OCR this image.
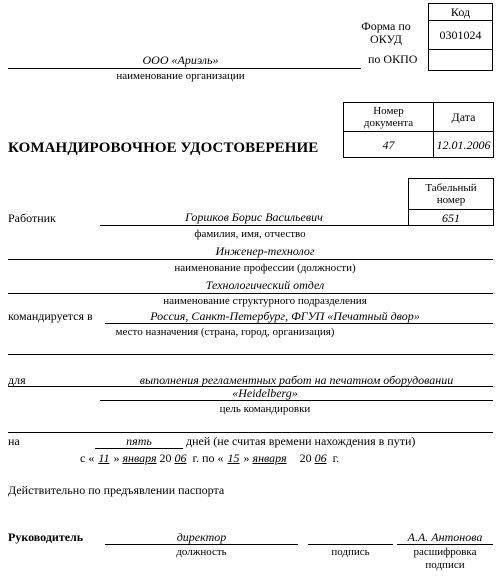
Форма по ОКУД
по ОКПО
Код
0301024

ООО «Ариэль»
наименование организации
Номер документа	Дата
47	12.01.2006
КОМАНДИРОВОЧНОЕ УДОСТОВЕРЕНИЕ
Табельный номер
651
Работник	Горшков Борис Васильевич
фамилия, имя, отчество
Инженер-технолог
наименование профессии (должности)
Технологический отдел
наименование структурного подразделения
командируется в	Россия, Санкт-Петербург, ФГУП «Печатный двор»
место назначения (страна, город, организация)
для	выполнения регламентных работ на печатном оборудовании
«Heidelberg»
цель командировки
на	пять	дней (не считая времени нахождения в пути)
с « 11 » января 20 06 г. по « 15 » января 20 06 г.
Действительно по предъявлении паспорта
Руководитель	директор
должность	подпись
А.А. Антонова
расшифровка
подписи
